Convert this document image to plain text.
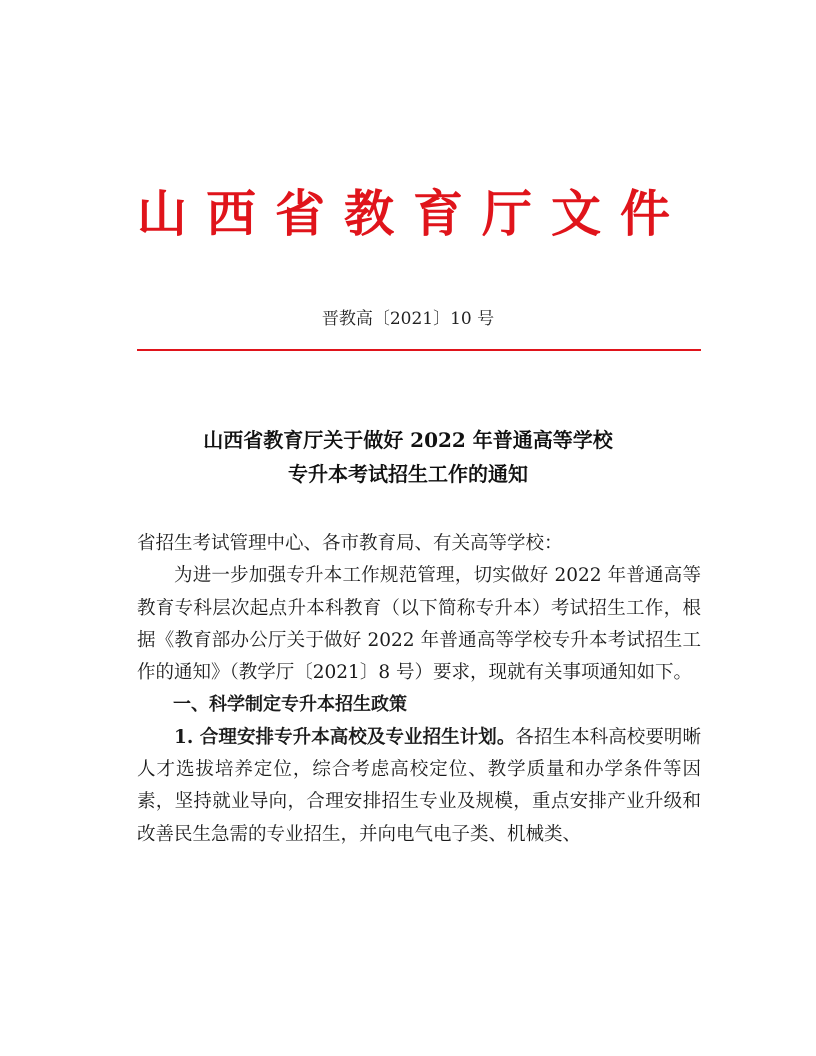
山西省教育厅文件
晋教高〔2021〕10 号
山西省教育厅关于做好 2022 年普通高等学校
专升本考试招生工作的通知

省招生考试管理中心、各市教育局、有关高等学校：

为进一步加强专升本工作规范管理，切实做好 2022 年普通高等教育专科层次起点升本科教育（以下简称专升本）考试招生工作，根据《教育部办公厅关于做好 2022 年普通高等学校专升本考试招生工作的通知》（教学厅〔2021〕8 号）要求，现就有关事项通知如下。

一、科学制定专升本招生政策

1. 合理安排专升本高校及专业招生计划。各招生本科高校要明晰人才选拔培养定位，综合考虑高校定位、教学质量和办学条件等因素，坚持就业导向，合理安排招生专业及规模，重点安排产业升级和改善民生急需的专业招生，并向电气电子类、机械类、
